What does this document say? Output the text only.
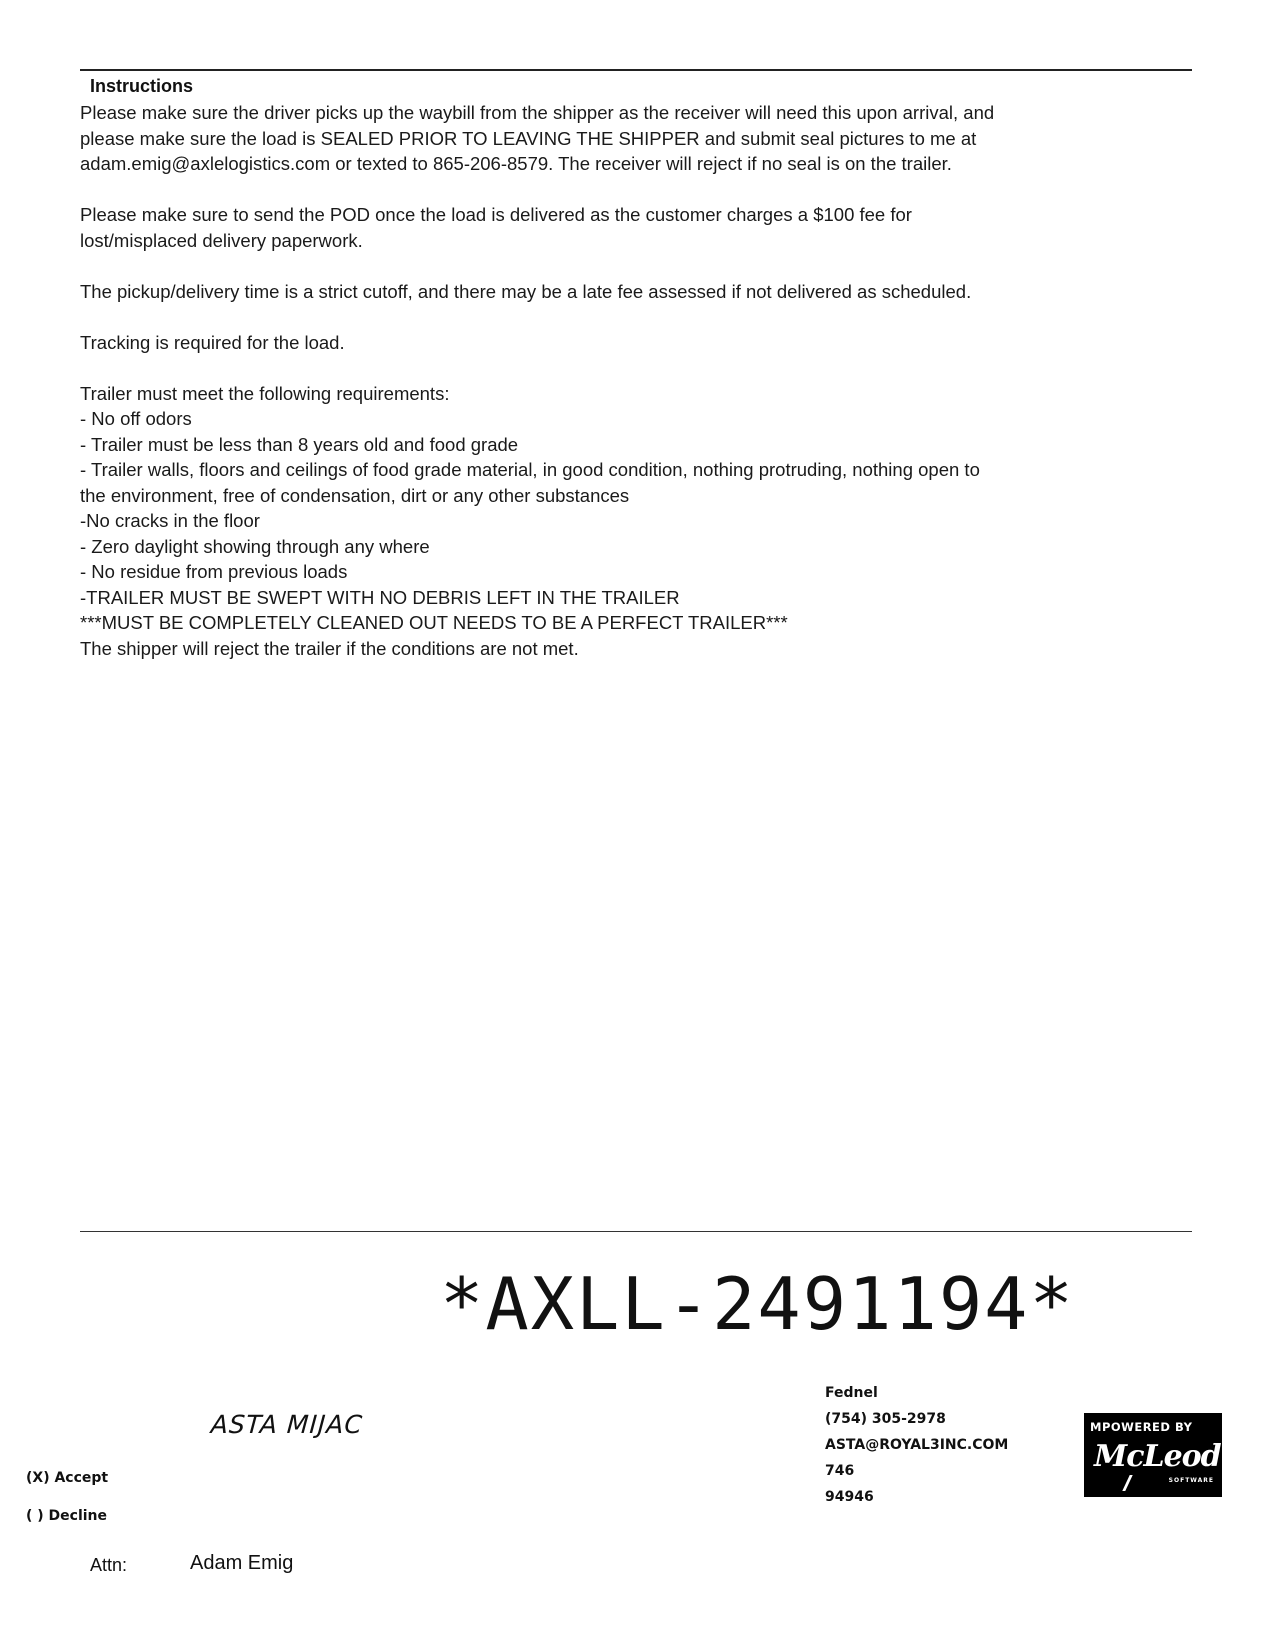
Instructions

Please make sure the driver picks up the waybill from the shipper as the receiver will need this upon arrival, and
please make sure the load is SEALED PRIOR TO LEAVING THE SHIPPER and submit seal pictures to me at
adam.emig@axlelogistics.com or texted to 865-206-8579. The receiver will reject if no seal is on the trailer.

Please make sure to send the POD once the load is delivered as the customer charges a $100 fee for
lost/misplaced delivery paperwork.

The pickup/delivery time is a strict cutoff, and there may be a late fee assessed if not delivered as scheduled.

Tracking is required for the load.

Trailer must meet the following requirements:
- No off odors
- Trailer must be less than 8 years old and food grade
- Trailer walls, floors and ceilings of food grade material, in good condition, nothing protruding, nothing open to
the environment, free of condensation, dirt or any other substances
-No cracks in the floor
- Zero daylight showing through any where
- No residue from previous loads
-TRAILER MUST BE SWEPT WITH NO DEBRIS LEFT IN THE TRAILER
***MUST BE COMPLETELY CLEANED OUT NEEDS TO BE A PERFECT TRAILER***
The shipper will reject the trailer if the conditions are not met.

*AXLL-2491194*
ASTA MIJAC
(X) Accept
( ) Decline
Attn:	Adam Emig
Fednel
(754) 305-2978
ASTA@ROYAL3INC.COM
746
94946
MPOWERED BY
McLeod
SOFTWARE
